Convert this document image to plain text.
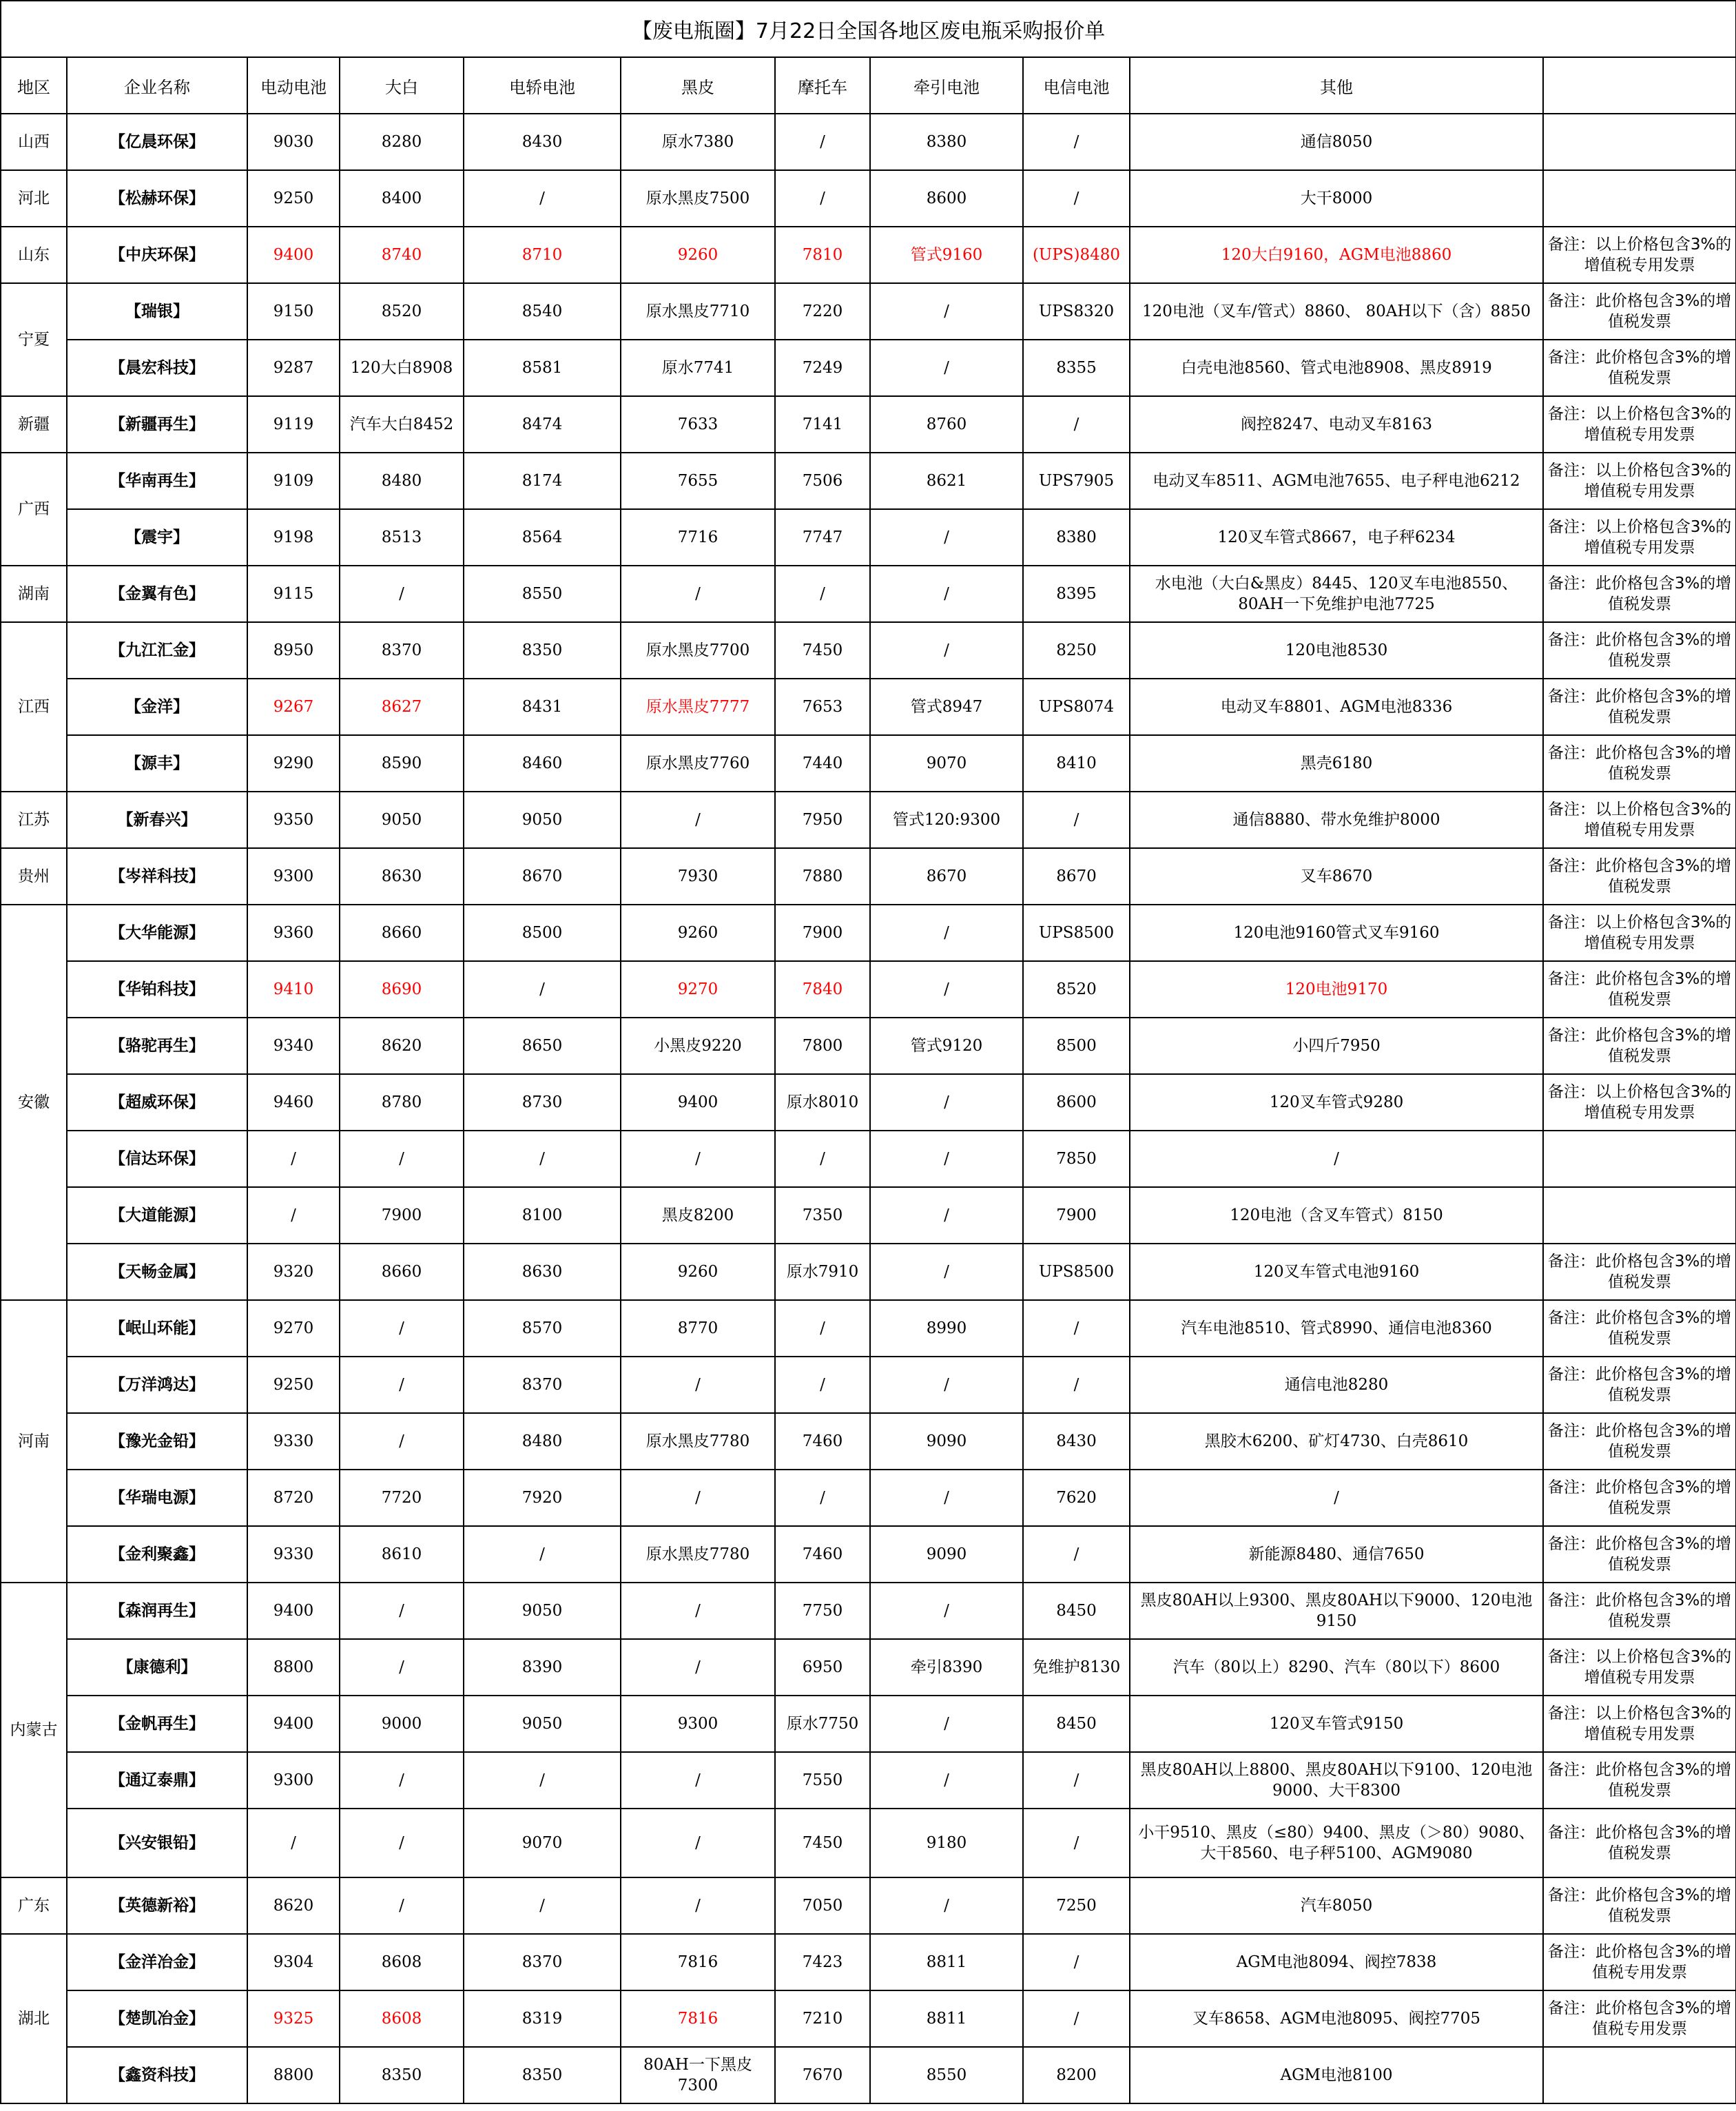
【废电瓶圈】7月22日全国各地区废电瓶采购报价单										
地区	企业名称	电动电池	大白	电轿电池	黑皮	摩托车	牵引电池	电信电池	其他	
山西	【亿晨环保】	9030	8280	8430	原水7380	/	8380	/	通信8050	
河北	【松赫环保】	9250	8400	/	原水黑皮7500	/	8600	/	大干8000	
山东	【中庆环保】	9400	8740	8710	9260	7810	管式9160	(UPS)8480	120大白9160，AGM电池8860	备注：以上价格包含3%的增值税专用发票
宁夏	【瑞银】	9150	8520	8540	原水黑皮7710	7220	/	UPS8320	120电池（叉车/管式）8860、 80AH以下（含）8850	备注：此价格包含3%的增值税发票
	【晨宏科技】	9287	120大白8908	8581	原水7741	7249	/	8355	白壳电池8560、管式电池8908、黑皮8919	备注：此价格包含3%的增值税发票
新疆	【新疆再生】	9119	汽车大白8452	8474	7633	7141	8760	/	阀控8247、电动叉车8163	备注：以上价格包含3%的增值税专用发票
广西	【华南再生】	9109	8480	8174	7655	7506	8621	UPS7905	电动叉车8511、AGM电池7655、电子秤电池6212	备注：以上价格包含3%的增值税专用发票
	【震宇】	9198	8513	8564	7716	7747	/	8380	120叉车管式8667，电子秤6234	备注：以上价格包含3%的增值税专用发票
湖南	【金翼有色】	9115	/	8550	/	/	/	8395	水电池（大白&黑皮）8445、120叉车电池8550、80AH一下免维护电池7725	备注：此价格包含3%的增值税发票
江西	【九江汇金】	8950	8370	8350	原水黑皮7700	7450	/	8250	120电池8530	备注：此价格包含3%的增值税发票
	【金洋】	9267	8627	8431	原水黑皮7777	7653	管式8947	UPS8074	电动叉车8801、AGM电池8336	备注：此价格包含3%的增值税发票
	【源丰】	9290	8590	8460	原水黑皮7760	7440	9070	8410	黑壳6180	备注：此价格包含3%的增值税发票
江苏	【新春兴】	9350	9050	9050	/	7950	管式120:9300	/	通信8880、带水免维护8000	备注：以上价格包含3%的增值税专用发票
贵州	【岑祥科技】	9300	8630	8670	7930	7880	8670	8670	叉车8670	备注：此价格包含3%的增值税发票
安徽	【大华能源】	9360	8660	8500	9260	7900	/	UPS8500	120电池9160管式叉车9160	备注：以上价格包含3%的增值税专用发票
	【华铂科技】	9410	8690	/	9270	7840	/	8520	120电池9170	备注：此价格包含3%的增值税发票
	【骆驼再生】	9340	8620	8650	小黑皮9220	7800	管式9120	8500	小四斤7950	备注：此价格包含3%的增值税发票
	【超威环保】	9460	8780	8730	9400	原水8010	/	8600	120叉车管式9280	备注：以上价格包含3%的增值税专用发票
	【信达环保】	/	/	/	/	/	/	7850	/	
	【大道能源】	/	7900	8100	黑皮8200	7350	/	7900	120电池（含叉车管式）8150	
	【天畅金属】	9320	8660	8630	9260	原水7910	/	UPS8500	120叉车管式电池9160	备注：此价格包含3%的增值税发票
河南	【岷山环能】	9270	/	8570	8770	/	8990	/	汽车电池8510、管式8990、通信电池8360	备注：此价格包含3%的增值税发票
	【万洋鸿达】	9250	/	8370	/	/	/	/	通信电池8280	备注：此价格包含3%的增值税发票
	【豫光金铅】	9330	/	8480	原水黑皮7780	7460	9090	8430	黑胶木6200、矿灯4730、白壳8610	备注：此价格包含3%的增值税发票
	【华瑞电源】	8720	7720	7920	/	/	/	7620	/	备注：此价格包含3%的增值税发票
	【金利聚鑫】	9330	8610	/	原水黑皮7780	7460	9090	/	新能源8480、通信7650	备注：此价格包含3%的增值税发票
内蒙古	【森润再生】	9400	/	9050	/	7750	/	8450	黑皮80AH以上9300、黑皮80AH以下9000、120电池9150	备注：此价格包含3%的增值税发票
	【康德利】	8800	/	8390	/	6950	牵引8390	免维护8130	汽车（80以上）8290、汽车（80以下）8600	备注：以上价格包含3%的增值税专用发票
	【金帆再生】	9400	9000	9050	9300	原水7750	/	8450	120叉车管式9150	备注：以上价格包含3%的增值税专用发票
	【通辽泰鼎】	9300	/	/	/	7550	/	/	黑皮80AH以上8800、黑皮80AH以下9100、120电池9000、大干8300	备注：此价格包含3%的增值税发票
	【兴安银铅】	/	/	9070	/	7450	9180	/	小干9510、黑皮（≤80）9400、黑皮（＞80）9080、大干8560、电子秤5100、AGM9080	备注：此价格包含3%的增值税发票
广东	【英德新裕】	8620	/	/	/	7050	/	7250	汽车8050	备注：此价格包含3%的增值税发票
湖北	【金洋冶金】	9304	8608	8370	7816	7423	8811	/	AGM电池8094、阀控7838	备注：此价格包含3%的增值税专用发票
	【楚凯冶金】	9325	8608	8319	7816	7210	8811	/	叉车8658、AGM电池8095、阀控7705	备注：此价格包含3%的增值税专用发票
	【鑫资科技】	8800	8350	8350	80AH一下黑皮7300	7670	8550	8200	AGM电池8100	
